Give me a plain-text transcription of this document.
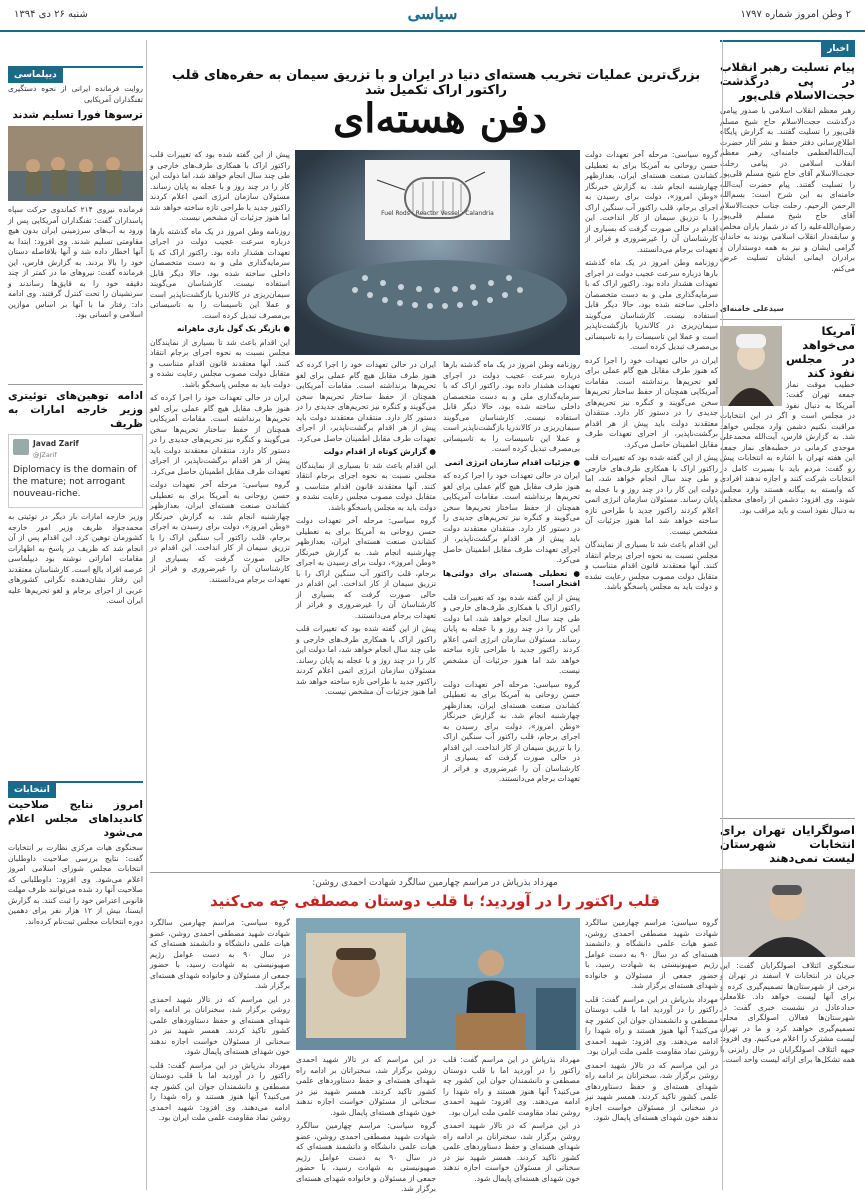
۲ وطن امروز شماره ۱۷۹۷
سیاسی
شنبه ۲۶ دی ۱۳۹۴
اخبار
پیام تسلیت رهبر انقلاب در پی درگذشت حجت‌الاسلام قلی‌پور

رهبر معظم انقلاب اسلامی با صدور پیامی درگذشت حجت‌الاسلام حاج شیخ مسلم قلی‌پور را تسلیت گفتند. به گزارش پایگاه اطلاع‌رسانی دفتر حفظ و نشر آثار حضرت آیت‌الله‌العظمی خامنه‌ای، رهبر معظم انقلاب اسلامی در پیامی رحلت حجت‌الاسلام آقای حاج شیخ مسلم قلی‌پور را تسلیت گفتند. پیام حضرت آیت‌الله خامنه‌ای به این شرح است: بسم‌الله الرحمن الرحیم. رحلت جناب حجت‌الاسلام آقای حاج شیخ مسلم قلی‌پور رضوان‌الله‌علیه را که در شمار یاران مخلص و سابقه‌دار انقلاب اسلامی بودند به خاندان گرامی ایشان و نیز به همه دوستداران و برادران ایمانی ایشان تسلیت عرض می‌کنم.

سیدعلی خامنه‌ای

آمریکا می‌خواهد در مجلس نفوذ کند

خطیب موقت نماز جمعه تهران گفت: آمریکا به دنبال نفوذ در مجلس است و اگر در این انتخابات مراقبت نکنیم دشمن وارد مجلس خواهد شد. به گزارش فارس، آیت‌الله محمدعلی موحدی کرمانی در خطبه‌های نماز جمعه این هفته تهران با اشاره به انتخابات پیش رو گفت: مردم باید با بصیرت کامل در انتخابات شرکت کنند و اجازه ندهند افرادی که وابسته به بیگانه هستند وارد مجلس شوند. وی افزود: دشمن از راه‌های مختلف به دنبال نفوذ است و باید مراقب بود.

اصولگرایان تهران برای انتخابات شهرستان لیست نمی‌دهند

سخنگوی ائتلاف اصولگرایان گفت: این جریان در انتخابات ۷ اسفند در تهران و برخی از شهرستان‌ها تصمیم‌گیری کرده و برای آنها لیست خواهد داد. غلامعلی حدادعادل در نشست خبری گفت: در شهرستان‌ها فعالان اصولگرای محلی تصمیم‌گیری خواهند کرد و ما در تهران لیست مشترک را اعلام می‌کنیم. وی افزود: جبهه ائتلاف اصولگرایان در حال رایزنی با همه تشکل‌ها برای ارائه لیست واحد است.

بزرگ‌ترین عملیات تخریب هسته‌ای دنیا در ایران و با تزریق سیمان به حفره‌های قلب راکتور اراک تکمیل شد
دفن هسته‌ای

گروه سیاسی: مرحله آخر تعهدات دولت حسن روحانی به آمریکا برای به تعطیلی کشاندن صنعت هسته‌ای ایران، بعدازظهر چهارشنبه انجام شد. به گزارش خبرنگار «وطن امروز»، دولت برای رسیدن به اجرای برجام، قلب راکتور آب سنگین اراک را با تزریق سیمان از کار انداخت. این اقدام در حالی صورت گرفت که بسیاری از کارشناسان آن را غیرضروری و فراتر از تعهدات برجام می‌دانستند.

روزنامه وطن امروز در یک ماه گذشته بارها درباره سرعت عجیب دولت در اجرای تعهدات هشدار داده بود. راکتور اراک که با سرمایه‌گذاری ملی و به دست متخصصان داخلی ساخته شده بود، حالا دیگر قابل استفاده نیست. کارشناسان می‌گویند سیمان‌ریزی در کالاندریا بازگشت‌ناپذیر است و عملا این تاسیسات را به تاسیساتی بی‌مصرف تبدیل کرده است.

ایران در حالی تعهدات خود را اجرا کرده که هنوز طرف مقابل هیچ گام عملی برای لغو تحریم‌ها برنداشته است. مقامات آمریکایی همچنان از حفظ ساختار تحریم‌ها سخن می‌گویند و کنگره نیز تحریم‌های جدیدی را در دستور کار دارد. منتقدان معتقدند دولت باید پیش از هر اقدام برگشت‌ناپذیر، از اجرای تعهدات طرف مقابل اطمینان حاصل می‌کرد.

پیش از این گفته شده بود که تغییرات قلب راکتور اراک با همکاری طرف‌های خارجی و طی چند سال انجام خواهد شد، اما دولت این کار را در چند روز و با عجله به پایان رساند. مسئولان سازمان انرژی اتمی اعلام کردند راکتور جدید با طراحی تازه ساخته خواهد شد اما هنوز جزئیات آن مشخص نیست.

این اقدام باعث شد تا بسیاری از نمایندگان مجلس نسبت به نحوه اجرای برجام انتقاد کنند. آنها معتقدند قانون اقدام متناسب و متقابل دولت مصوب مجلس رعایت نشده و دولت باید به مجلس پاسخگو باشد.

Fuel Rods · Reactor Vessel · Calandria

روزنامه وطن امروز در یک ماه گذشته بارها درباره سرعت عجیب دولت در اجرای تعهدات هشدار داده بود. راکتور اراک که با سرمایه‌گذاری ملی و به دست متخصصان داخلی ساخته شده بود، حالا دیگر قابل استفاده نیست. کارشناسان می‌گویند سیمان‌ریزی در کالاندریا بازگشت‌ناپذیر است و عملا این تاسیسات را به تاسیساتی بی‌مصرف تبدیل کرده است.

● جزئیات اقدام سازمان انرژی اتمی

ایران در حالی تعهدات خود را اجرا کرده که هنوز طرف مقابل هیچ گام عملی برای لغو تحریم‌ها برنداشته است. مقامات آمریکایی همچنان از حفظ ساختار تحریم‌ها سخن می‌گویند و کنگره نیز تحریم‌های جدیدی را در دستور کار دارد. منتقدان معتقدند دولت باید پیش از هر اقدام برگشت‌ناپذیر، از اجرای تعهدات طرف مقابل اطمینان حاصل می‌کرد.

● تعطیلی هسته‌ای برای دولتی‌ها افتخار است!

پیش از این گفته شده بود که تغییرات قلب راکتور اراک با همکاری طرف‌های خارجی و طی چند سال انجام خواهد شد، اما دولت این کار را در چند روز و با عجله به پایان رساند. مسئولان سازمان انرژی اتمی اعلام کردند راکتور جدید با طراحی تازه ساخته خواهد شد اما هنوز جزئیات آن مشخص نیست.

گروه سیاسی: مرحله آخر تعهدات دولت حسن روحانی به آمریکا برای به تعطیلی کشاندن صنعت هسته‌ای ایران، بعدازظهر چهارشنبه انجام شد. به گزارش خبرنگار «وطن امروز»، دولت برای رسیدن به اجرای برجام، قلب راکتور آب سنگین اراک را با تزریق سیمان از کار انداخت. این اقدام در حالی صورت گرفت که بسیاری از کارشناسان آن را غیرضروری و فراتر از تعهدات برجام می‌دانستند.

ایران در حالی تعهدات خود را اجرا کرده که هنوز طرف مقابل هیچ گام عملی برای لغو تحریم‌ها برنداشته است. مقامات آمریکایی همچنان از حفظ ساختار تحریم‌ها سخن می‌گویند و کنگره نیز تحریم‌های جدیدی را در دستور کار دارد. منتقدان معتقدند دولت باید پیش از هر اقدام برگشت‌ناپذیر، از اجرای تعهدات طرف مقابل اطمینان حاصل می‌کرد.

● گزارش کوتاه از اقدام دولت

این اقدام باعث شد تا بسیاری از نمایندگان مجلس نسبت به نحوه اجرای برجام انتقاد کنند. آنها معتقدند قانون اقدام متناسب و متقابل دولت مصوب مجلس رعایت نشده و دولت باید به مجلس پاسخگو باشد.

گروه سیاسی: مرحله آخر تعهدات دولت حسن روحانی به آمریکا برای به تعطیلی کشاندن صنعت هسته‌ای ایران، بعدازظهر چهارشنبه انجام شد. به گزارش خبرنگار «وطن امروز»، دولت برای رسیدن به اجرای برجام، قلب راکتور آب سنگین اراک را با تزریق سیمان از کار انداخت. این اقدام در حالی صورت گرفت که بسیاری از کارشناسان آن را غیرضروری و فراتر از تعهدات برجام می‌دانستند.

پیش از این گفته شده بود که تغییرات قلب راکتور اراک با همکاری طرف‌های خارجی و طی چند سال انجام خواهد شد، اما دولت این کار را در چند روز و با عجله به پایان رساند. مسئولان سازمان انرژی اتمی اعلام کردند راکتور جدید با طراحی تازه ساخته خواهد شد اما هنوز جزئیات آن مشخص نیست.

پیش از این گفته شده بود که تغییرات قلب راکتور اراک با همکاری طرف‌های خارجی و طی چند سال انجام خواهد شد، اما دولت این کار را در چند روز و با عجله به پایان رساند. مسئولان سازمان انرژی اتمی اعلام کردند راکتور جدید با طراحی تازه ساخته خواهد شد اما هنوز جزئیات آن مشخص نیست.

روزنامه وطن امروز در یک ماه گذشته بارها درباره سرعت عجیب دولت در اجرای تعهدات هشدار داده بود. راکتور اراک که با سرمایه‌گذاری ملی و به دست متخصصان داخلی ساخته شده بود، حالا دیگر قابل استفاده نیست. کارشناسان می‌گویند سیمان‌ریزی در کالاندریا بازگشت‌ناپذیر است و عملا این تاسیسات را به تاسیساتی بی‌مصرف تبدیل کرده است.

● بازیگر یک گول بازی ماهرانه

این اقدام باعث شد تا بسیاری از نمایندگان مجلس نسبت به نحوه اجرای برجام انتقاد کنند. آنها معتقدند قانون اقدام متناسب و متقابل دولت مصوب مجلس رعایت نشده و دولت باید به مجلس پاسخگو باشد.

ایران در حالی تعهدات خود را اجرا کرده که هنوز طرف مقابل هیچ گام عملی برای لغو تحریم‌ها برنداشته است. مقامات آمریکایی همچنان از حفظ ساختار تحریم‌ها سخن می‌گویند و کنگره نیز تحریم‌های جدیدی را در دستور کار دارد. منتقدان معتقدند دولت باید پیش از هر اقدام برگشت‌ناپذیر، از اجرای تعهدات طرف مقابل اطمینان حاصل می‌کرد.

گروه سیاسی: مرحله آخر تعهدات دولت حسن روحانی به آمریکا برای به تعطیلی کشاندن صنعت هسته‌ای ایران، بعدازظهر چهارشنبه انجام شد. به گزارش خبرنگار «وطن امروز»، دولت برای رسیدن به اجرای برجام، قلب راکتور آب سنگین اراک را با تزریق سیمان از کار انداخت. این اقدام در حالی صورت گرفت که بسیاری از کارشناسان آن را غیرضروری و فراتر از تعهدات برجام می‌دانستند.

مهرداد بذرپاش در مراسم چهارمین سالگرد شهادت احمدی روشن:
قلب راکتور را در آوردید؛ با قلب دوستان مصطفی چه می‌کنید

گروه سیاسی: مراسم چهارمین سالگرد شهادت شهید مصطفی احمدی روشن، عضو هیات علمی دانشگاه و دانشمند هسته‌ای که در سال ۹۰ به دست عوامل رژیم صهیونیستی به شهادت رسید، با حضور جمعی از مسئولان و خانواده شهدای هسته‌ای برگزار شد.

مهرداد بذرپاش در این مراسم گفت: قلب راکتور را در آوردید اما با قلب دوستان مصطفی و دانشمندان جوان این کشور چه می‌کنید؟ آنها هنوز هستند و راه شهدا را ادامه می‌دهند. وی افزود: شهید احمدی روشن نماد مقاومت علمی ملت ایران بود.

در این مراسم که در تالار شهید احمدی روشن برگزار شد، سخنرانان بر ادامه راه شهدای هسته‌ای و حفظ دستاوردهای علمی کشور تاکید کردند. همسر شهید نیز در سخنانی از مسئولان خواست اجازه ندهند خون شهدای هسته‌ای پایمال شود.

مهرداد بذرپاش در این مراسم گفت: قلب راکتور را در آوردید اما با قلب دوستان مصطفی و دانشمندان جوان این کشور چه می‌کنید؟ آنها هنوز هستند و راه شهدا را ادامه می‌دهند. وی افزود: شهید احمدی روشن نماد مقاومت علمی ملت ایران بود.

در این مراسم که در تالار شهید احمدی روشن برگزار شد، سخنرانان بر ادامه راه شهدای هسته‌ای و حفظ دستاوردهای علمی کشور تاکید کردند. همسر شهید نیز در سخنانی از مسئولان خواست اجازه ندهند خون شهدای هسته‌ای پایمال شود.

در این مراسم که در تالار شهید احمدی روشن برگزار شد، سخنرانان بر ادامه راه شهدای هسته‌ای و حفظ دستاوردهای علمی کشور تاکید کردند. همسر شهید نیز در سخنانی از مسئولان خواست اجازه ندهند خون شهدای هسته‌ای پایمال شود.

گروه سیاسی: مراسم چهارمین سالگرد شهادت شهید مصطفی احمدی روشن، عضو هیات علمی دانشگاه و دانشمند هسته‌ای که در سال ۹۰ به دست عوامل رژیم صهیونیستی به شهادت رسید، با حضور جمعی از مسئولان و خانواده شهدای هسته‌ای برگزار شد.

گروه سیاسی: مراسم چهارمین سالگرد شهادت شهید مصطفی احمدی روشن، عضو هیات علمی دانشگاه و دانشمند هسته‌ای که در سال ۹۰ به دست عوامل رژیم صهیونیستی به شهادت رسید، با حضور جمعی از مسئولان و خانواده شهدای هسته‌ای برگزار شد.

در این مراسم که در تالار شهید احمدی روشن برگزار شد، سخنرانان بر ادامه راه شهدای هسته‌ای و حفظ دستاوردهای علمی کشور تاکید کردند. همسر شهید نیز در سخنانی از مسئولان خواست اجازه ندهند خون شهدای هسته‌ای پایمال شود.

مهرداد بذرپاش در این مراسم گفت: قلب راکتور را در آوردید اما با قلب دوستان مصطفی و دانشمندان جوان این کشور چه می‌کنید؟ آنها هنوز هستند و راه شهدا را ادامه می‌دهند. وی افزود: شهید احمدی روشن نماد مقاومت علمی ملت ایران بود.

دیپلماسی

روایت فرمانده ایرانی از نحوه دستگیری تفنگداران آمریکایی

ترسوها فورا تسلیم شدند

فرمانده نیروی ۲۱۴ کماندوی حرکت سپاه پاسداران گفت: تفنگداران آمریکایی پس از ورود به آب‌های سرزمینی ایران بدون هیچ مقاومتی تسلیم شدند. وی افزود: ابتدا به آنها اخطار داده شد و آنها بلافاصله دستان خود را بالا بردند. به گزارش فارس، این فرمانده گفت: نیروهای ما در کمتر از چند دقیقه خود را به قایق‌ها رساندند و سرنشینان را تحت کنترل گرفتند. وی ادامه داد: رفتار ما با آنها بر اساس موازین اسلامی و انسانی بود.

ادامه توهین‌های توئیتری وزیر خارجه امارات به ظریف
Javad Zarif
@JZarif

Diplomacy is the domain of the mature; not arrogant nouveau-riche.

وزیر خارجه امارات بار دیگر در توئیتی به محمدجواد ظریف وزیر امور خارجه کشورمان توهین کرد. این اقدام پس از آن انجام شد که ظریف در پاسخ به اظهارات مقامات اماراتی نوشته بود دیپلماسی عرصه افراد بالغ است. کارشناسان معتقدند این رفتار نشان‌دهنده نگرانی کشورهای عربی از اجرای برجام و لغو تحریم‌ها علیه ایران است.

انتخابات
امروز نتایج صلاحیت کاندیداهای مجلس اعلام می‌شود

سخنگوی هیات مرکزی نظارت بر انتخابات گفت: نتایج بررسی صلاحیت داوطلبان انتخابات مجلس شورای اسلامی امروز اعلام می‌شود. وی افزود: داوطلبانی که صلاحیت آنها رد شده می‌توانند ظرف مهلت قانونی اعتراض خود را ثبت کنند. به گزارش ایسنا، بیش از ۱۲ هزار نفر برای دهمین دوره انتخابات مجلس ثبت‌نام کرده‌اند.
